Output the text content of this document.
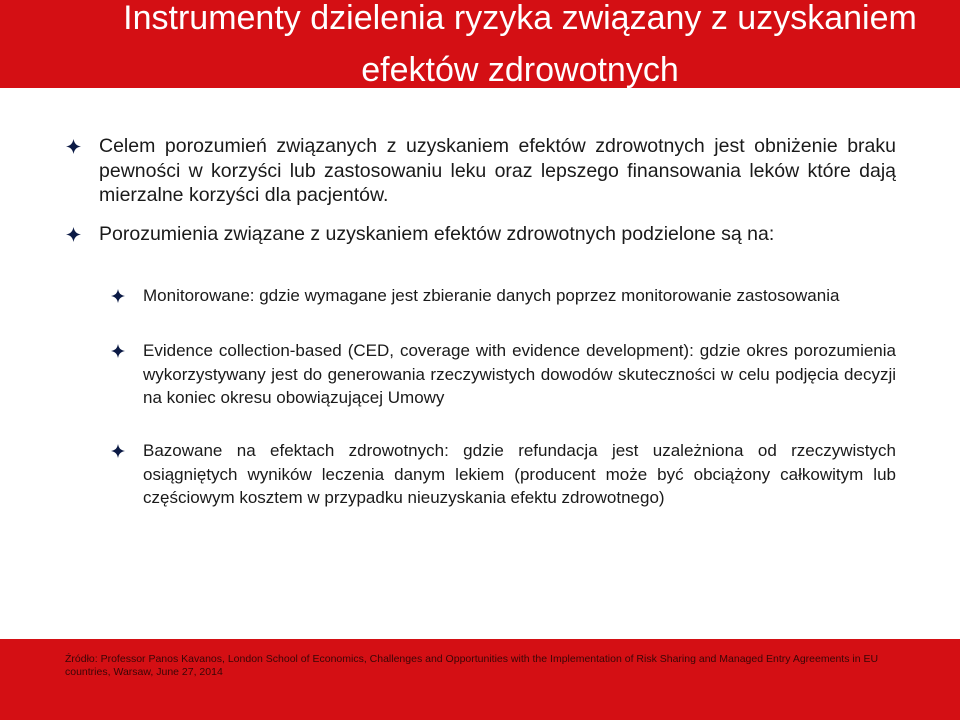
Instrumenty dzielenia ryzyka związany z uzyskaniem efektów zdrowotnych
Celem porozumień związanych z uzyskaniem efektów zdrowotnych jest obniżenie braku pewności w korzyści lub zastosowaniu leku oraz lepszego finansowania leków które dają mierzalne korzyści dla pacjentów.
Porozumienia związane z uzyskaniem efektów zdrowotnych podzielone są na:
Monitorowane: gdzie wymagane jest zbieranie danych poprzez monitorowanie zastosowania
Evidence collection-based (CED, coverage with evidence development): gdzie okres porozumienia wykorzystywany jest do generowania rzeczywistych dowodów skuteczności w celu podjęcia decyzji na koniec okresu obowiązującej Umowy
Bazowane na efektach zdrowotnych: gdzie refundacja jest uzależniona od rzeczywistych osiągniętych wyników leczenia danym lekiem (producent może być obciążony całkowitym lub częściowym kosztem w przypadku nieuzyskania efektu zdrowotnego)
Źródło: Professor Panos Kavanos, London School of Economics, Challenges and Opportunities with the Implementation of Risk Sharing and Managed Entry Agreements in EU countries, Warsaw, June 27, 2014
